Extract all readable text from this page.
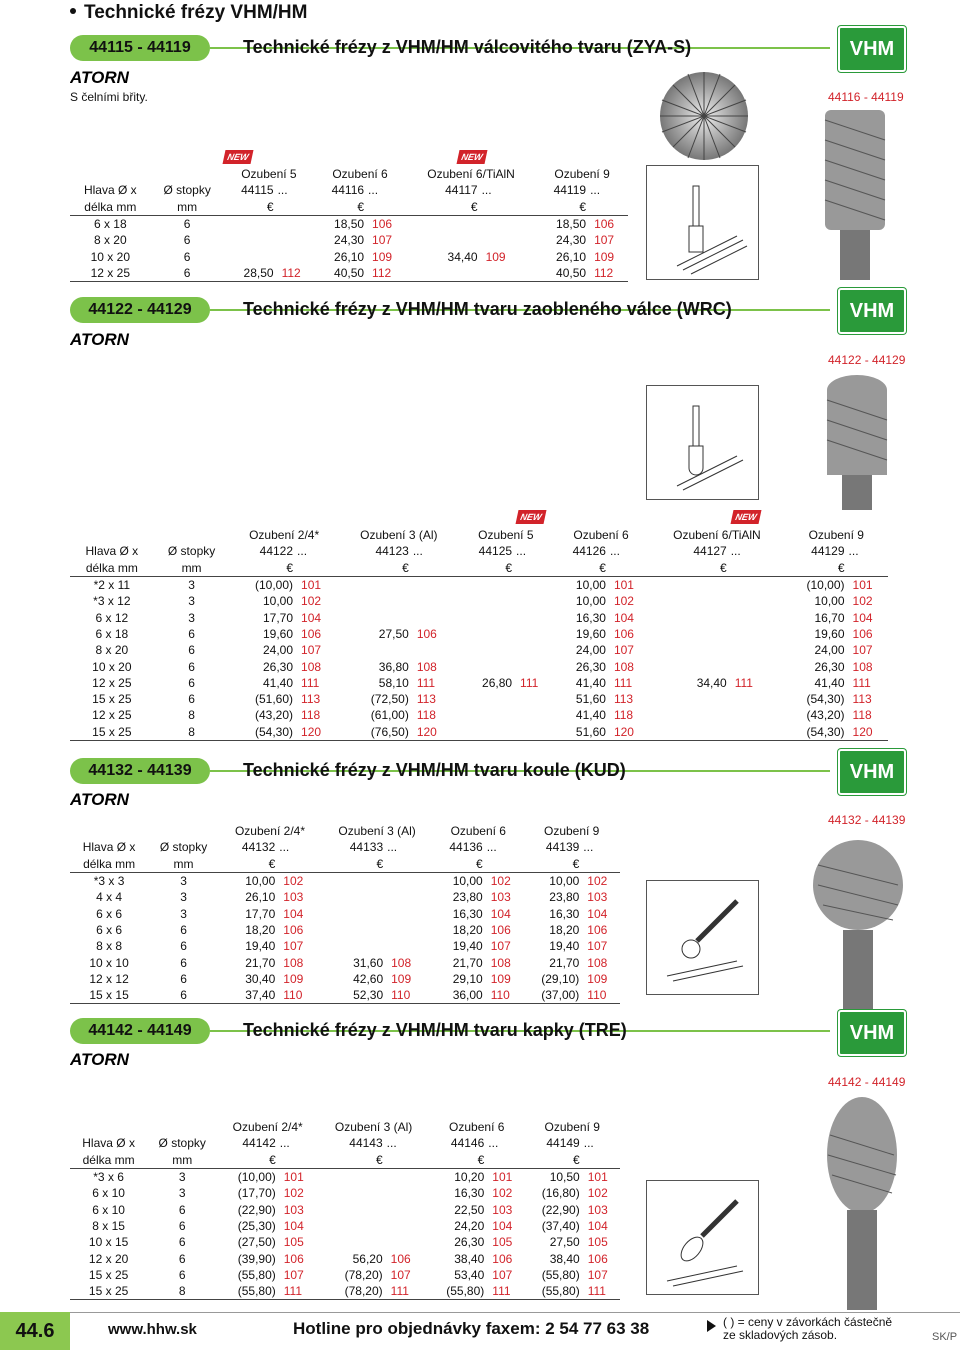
Technické frézy VHM/HM
44115 - 44119	Technické frézy z VHM/HM válcovitého tvaru (ZYA-S)	VHM
ATORN
S čelními břity.	44116 - 44119
NEW	NEW
		Ozubení 5		Ozubení 6		Ozubení 6/TiAlN		Ozubení 9	
Hlava Ø x	Ø stopky	44115	...	44116	...	44117	...	44119	...
délka mm	mm	€		€		€		€	
6 x 18	6			18,50	106			18,50	106
8 x 20	6			24,30	107			24,30	107
10 x 20	6			26,10	109	34,40	109	26,10	109
12 x 25	6	28,50	112	40,50	112			40,50	112
44122 - 44129	Technické frézy z VHM/HM tvaru zaobleného válce (WRC)	VHM
ATORN
44122 - 44129
NEW	NEW
		Ozubení 2/4*		Ozubení 3 (Al)		Ozubení 5		Ozubení 6		Ozubení 6/TiAlN		Ozubení 9	
Hlava Ø x	Ø stopky	44122	...	44123	...	44125	...	44126	...	44127	...	44129	...
délka mm	mm	€		€		€		€		€		€	
*2 x 11	3	(10,00)	101					10,00	101			(10,00)	101
*3 x 12	3	10,00	102					10,00	102			10,00	102
6 x 12	3	17,70	104					16,30	104			16,70	104
6 x 18	6	19,60	106	27,50	106			19,60	106			19,60	106
8 x 20	6	24,00	107					24,00	107			24,00	107
10 x 20	6	26,30	108	36,80	108			26,30	108			26,30	108
12 x 25	6	41,40	111	58,10	111	26,80	111	41,40	111	34,40	111	41,40	111
15 x 25	6	(51,60)	113	(72,50)	113			51,60	113			(54,30)	113
12 x 25	8	(43,20)	118	(61,00)	118			41,40	118			(43,20)	118
15 x 25	8	(54,30)	120	(76,50)	120			51,60	120			(54,30)	120
44132 - 44139	Technické frézy z VHM/HM tvaru koule (KUD)	VHM
ATORN
44132 - 44139
		Ozubení 2/4*		Ozubení 3 (Al)		Ozubení 6		Ozubení 9	
Hlava Ø x	Ø stopky	44132	...	44133	...	44136	...	44139	...
délka mm	mm	€		€		€		€	
*3 x 3	3	10,00	102			10,00	102	10,00	102
4 x 4	3	26,10	103			23,80	103	23,80	103
6 x 6	3	17,70	104			16,30	104	16,30	104
6 x 6	6	18,20	106			18,20	106	18,20	106
8 x 8	6	19,40	107			19,40	107	19,40	107
10 x 10	6	21,70	108	31,60	108	21,70	108	21,70	108
12 x 12	6	30,40	109	42,60	109	29,10	109	(29,10)	109
15 x 15	6	37,40	110	52,30	110	36,00	110	(37,00)	110
44142 - 44149	Technické frézy z VHM/HM tvaru kapky (TRE)	VHM
ATORN
44142 - 44149
		Ozubení 2/4*		Ozubení 3 (Al)		Ozubení 6		Ozubení 9	
Hlava Ø x	Ø stopky	44142	...	44143	...	44146	...	44149	...
délka mm	mm	€		€		€		€	
*3 x 6	3	(10,00)	101			10,20	101	10,50	101
6 x 10	3	(17,70)	102			16,30	102	(16,80)	102
6 x 10	6	(22,90)	103			22,50	103	(22,90)	103
8 x 15	6	(25,30)	104			24,20	104	(37,40)	104
10 x 15	6	(27,50)	105			26,30	105	27,50	105
12 x 20	6	(39,90)	106	56,20	106	38,40	106	38,40	106
15 x 25	6	(55,80)	107	(78,20)	107	53,40	107	(55,80)	107
15 x 25	8	(55,80)	111	(78,20)	111	(55,80)	111	(55,80)	111
44.6	www.hhw.sk	Hotline pro objednávky faxem: 2 54 77 63 38	( ) = ceny v závorkách částečně
ze skladových zásob.	SK/P
